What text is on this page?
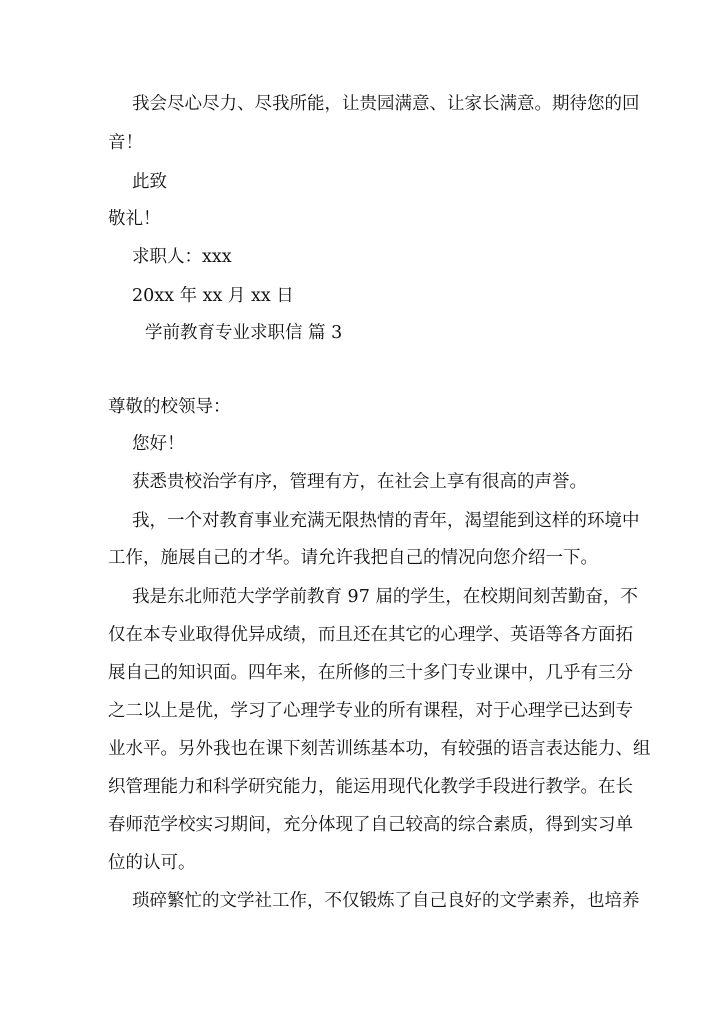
我会尽心尽力、尽我所能，让贵园满意、让家长满意。期待您的回
音！
此致
敬礼！
求职人：xxx
20xx 年 xx 月 xx 日
学前教育专业求职信 篇 3
尊敬的校领导：
您好！
获悉贵校治学有序，管理有方，在社会上享有很高的声誉。
我，一个对教育事业充满无限热情的青年，渴望能到这样的环境中
工作，施展自己的才华。请允许我把自己的情况向您介绍一下。
我是东北师范大学学前教育 97 届的学生，在校期间刻苦勤奋，不
仅在本专业取得优异成绩，而且还在其它的心理学、英语等各方面拓
展自己的知识面。四年来，在所修的三十多门专业课中，几乎有三分
之二以上是优，学习了心理学专业的所有课程，对于心理学已达到专
业水平。另外我也在课下刻苦训练基本功，有较强的语言表达能力、组
织管理能力和科学研究能力，能运用现代化教学手段进行教学。在长
春师范学校实习期间，充分体现了自己较高的综合素质，得到实习单
位的认可。
琐碎繁忙的文学社工作，不仅锻炼了自己良好的文学素养，也培养
